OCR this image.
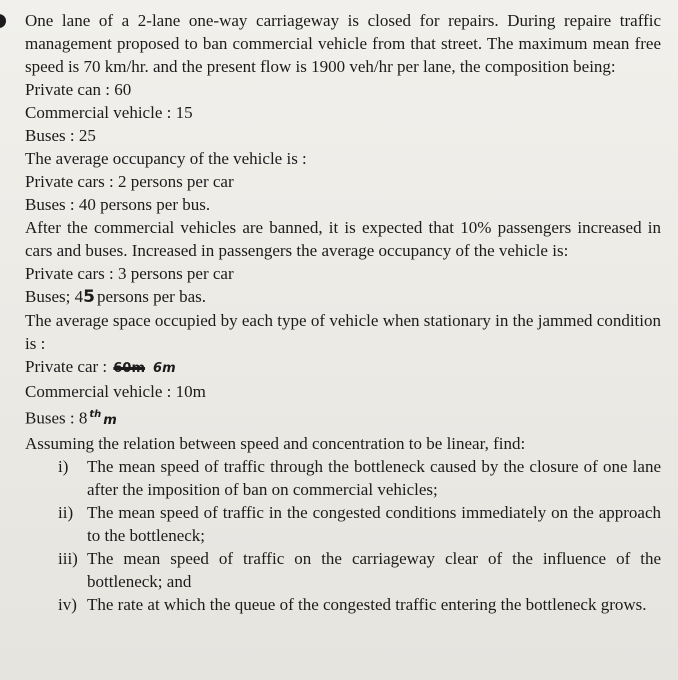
One lane of a 2-lane one-way carriageway is closed for repairs. During repaire traffic management proposed to ban commercial vehicle from that street. The maximum mean free speed is 70 km/hr. and the present flow is 1900 veh/hr per lane, the composition being:
Private can : 60
Commercial vehicle : 15
Buses : 25
The average occupancy of the vehicle is :
Private cars : 2 persons per car
Buses : 40 persons per bus.
After the commercial vehicles are banned, it is expected that 10% passengers increased in cars and buses. Increased in passengers the average occupancy of the vehicle is:
Private cars : 3 persons per car
Buses; 45 persons per bas.
The average space occupied by each type of vehicle when stationary in the jammed condition is :
Private car : 60m 6m
Commercial vehicle : 10m
Buses : 8 $^{th}$ m
Assuming the relation between speed and concentration to be linear, find:
i) The mean speed of traffic through the bottleneck caused by the closure of one lane after the imposition of ban on commercial vehicles;
ii) The mean speed of traffic in the congested conditions immediately on the approach to the bottleneck;
iii) The mean speed of traffic on the carriageway clear of the influence of the bottleneck; and
iv) The rate at which the queue of the congested traffic entering the bottleneck grows.
